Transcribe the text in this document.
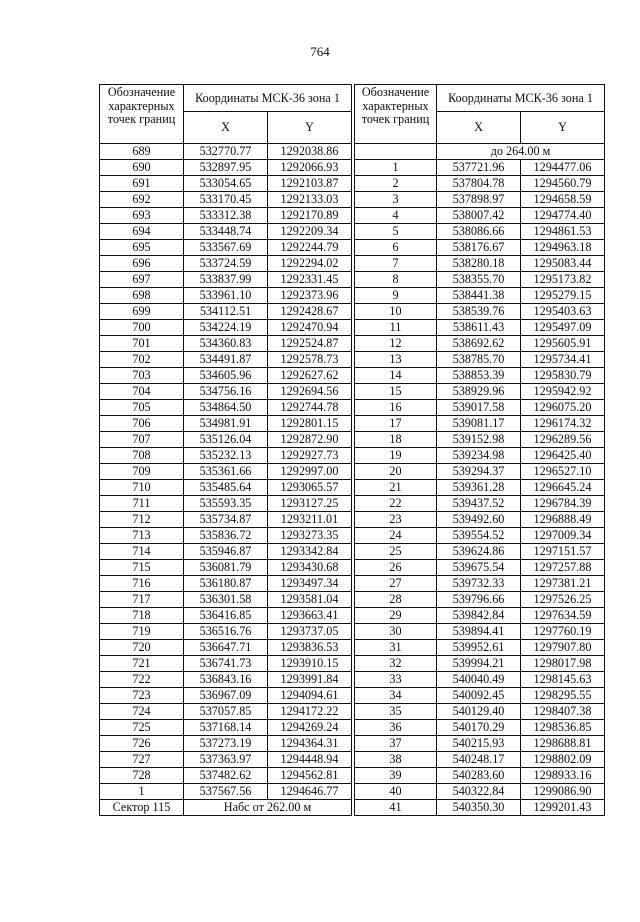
764
Обозначение характерных точек границ	Координаты МСК-36 зона 1	
	X	Y
689	532770.77	1292038.86
690	532897.95	1292066.93
691	533054.65	1292103.87
692	533170.45	1292133.03
693	533312.38	1292170.89
694	533448.74	1292209.34
695	533567.69	1292244.79
696	533724.59	1292294.02
697	533837.99	1292331.45
698	533961.10	1292373.96
699	534112.51	1292428.67
700	534224.19	1292470.94
701	534360.83	1292524.87
702	534491.87	1292578.73
703	534605.96	1292627.62
704	534756.16	1292694.56
705	534864.50	1292744.78
706	534981.91	1292801.15
707	535126.04	1292872.90
708	535232.13	1292927.73
709	535361.66	1292997.00
710	535485.64	1293065.57
711	535593.35	1293127.25
712	535734.87	1293211.01
713	535836.72	1293273.35
714	535946.87	1293342.84
715	536081.79	1293430.68
716	536180.87	1293497.34
717	536301.58	1293581.04
718	536416.85	1293663.41
719	536516.76	1293737.05
720	536647.71	1293836.53
721	536741.73	1293910.15
722	536843.16	1293991.84
723	536967.09	1294094.61
724	537057.85	1294172.22
725	537168.14	1294269.24
726	537273.19	1294364.31
727	537363.97	1294448.94
728	537482.62	1294562.81
1	537567.56	1294646.77
Сектор 115	Набс от 262.00 м	
Обозначение характерных точек границ	Координаты МСК-36 зона 1	
	X	Y
	до 264.00 м	
1	537721.96	1294477.06
2	537804.78	1294560.79
3	537898.97	1294658.59
4	538007.42	1294774.40
5	538086.66	1294861.53
6	538176.67	1294963.18
7	538280.18	1295083.44
8	538355.70	1295173.82
9	538441.38	1295279.15
10	538539.76	1295403.63
11	538611.43	1295497.09
12	538692.62	1295605.91
13	538785.70	1295734.41
14	538853.39	1295830.79
15	538929.96	1295942.92
16	539017.58	1296075.20
17	539081.17	1296174.32
18	539152.98	1296289.56
19	539234.98	1296425.40
20	539294.37	1296527.10
21	539361.28	1296645.24
22	539437.52	1296784.39
23	539492.60	1296888.49
24	539554.52	1297009.34
25	539624.86	1297151.57
26	539675.54	1297257.88
27	539732.33	1297381.21
28	539796.66	1297526.25
29	539842.84	1297634.59
30	539894.41	1297760.19
31	539952.61	1297907.80
32	539994.21	1298017.98
33	540040.49	1298145.63
34	540092.45	1298295.55
35	540129.40	1298407.38
36	540170.29	1298536.85
37	540215.93	1298688.81
38	540248.17	1298802.09
39	540283.60	1298933.16
40	540322.84	1299086.90
41	540350.30	1299201.43
